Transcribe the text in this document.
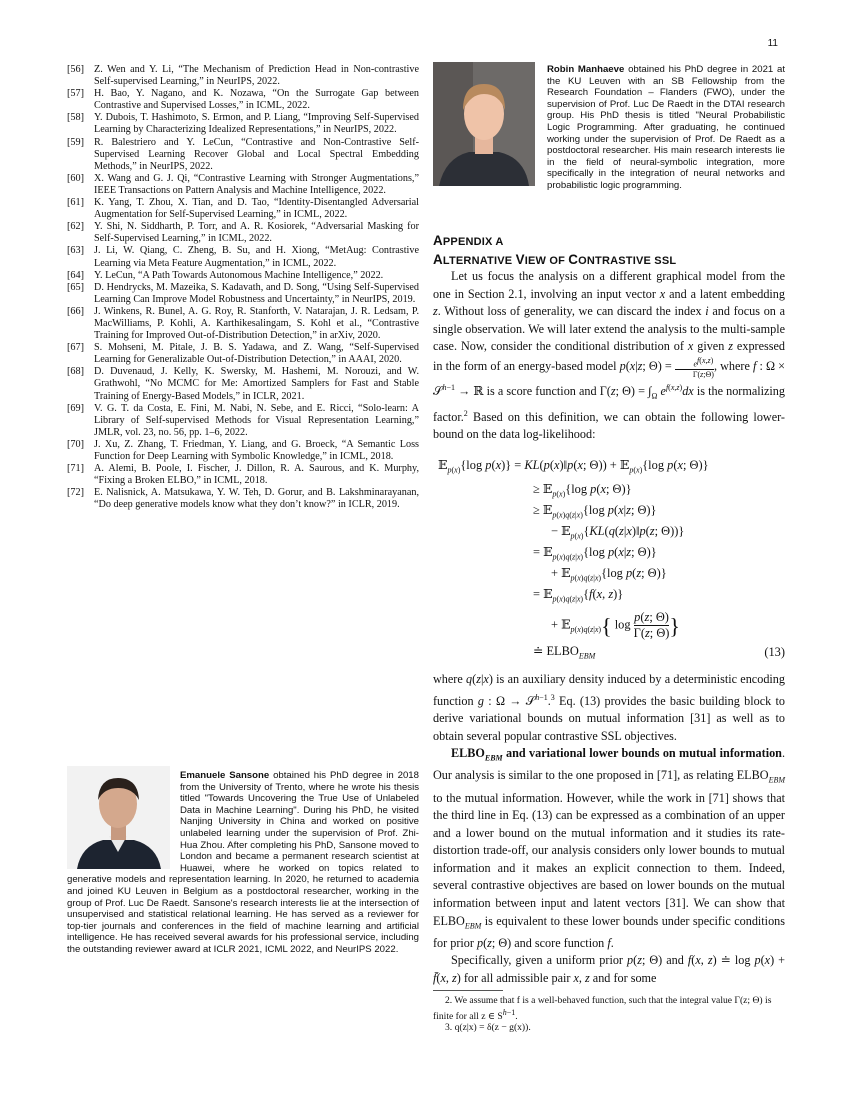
11
[56] Z. Wen and Y. Li, “The Mechanism of Prediction Head in Non-contrastive Self-supervised Learning,” in NeurIPS, 2022.
[57] H. Bao, Y. Nagano, and K. Nozawa, “On the Surrogate Gap between Contrastive and Supervised Losses,” in ICML, 2022.
[58] Y. Dubois, T. Hashimoto, S. Ermon, and P. Liang, “Improving Self-Supervised Learning by Characterizing Idealized Representations,” in NeurIPS, 2022.
[59] R. Balestriero and Y. LeCun, “Contrastive and Non-Contrastive Self-Supervised Learning Recover Global and Local Spectral Embedding Methods,” in NeurIPS, 2022.
[60] X. Wang and G. J. Qi, “Contrastive Learning with Stronger Augmentations,” IEEE Transactions on Pattern Analysis and Machine Intelligence, 2022.
[61] K. Yang, T. Zhou, X. Tian, and D. Tao, “Identity-Disentangled Adversarial Augmentation for Self-Supervised Learning,” in ICML, 2022.
[62] Y. Shi, N. Siddharth, P. Torr, and A. R. Kosiorek, “Adversarial Masking for Self-Supervised Learning,” in ICML, 2022.
[63] J. Li, W. Qiang, C. Zheng, B. Su, and H. Xiong, “MetAug: Contrastive Learning via Meta Feature Augmentation,” in ICML, 2022.
[64] Y. LeCun, “A Path Towards Autonomous Machine Intelligence,” 2022.
[65] D. Hendrycks, M. Mazeika, S. Kadavath, and D. Song, “Using Self-Supervised Learning Can Improve Model Robustness and Uncertainty,” in NeurIPS, 2019.
[66] J. Winkens, R. Bunel, A. G. Roy, R. Stanforth, V. Natarajan, J. R. Ledsam, P. MacWilliams, P. Kohli, A. Karthikesalingam, S. Kohl et al., “Contrastive Training for Improved Out-of-Distribution Detection,” in arXiv, 2020.
[67] S. Mohseni, M. Pitale, J. B. S. Yadawa, and Z. Wang, “Self-Supervised Learning for Generalizable Out-of-Distribution Detection,” in AAAI, 2020.
[68] D. Duvenaud, J. Kelly, K. Swersky, M. Hashemi, M. Norouzi, and W. Grathwohl, “No MCMC for Me: Amortized Samplers for Fast and Stable Training of Energy-Based Models,” in ICLR, 2021.
[69] V. G. T. da Costa, E. Fini, M. Nabi, N. Sebe, and E. Ricci, “Solo-learn: A Library of Self-supervised Methods for Visual Representation Learning,” JMLR, vol. 23, no. 56, pp. 1–6, 2022.
[70] J. Xu, Z. Zhang, T. Friedman, Y. Liang, and G. Broeck, “A Semantic Loss Function for Deep Learning with Symbolic Knowledge,” in ICML, 2018.
[71] A. Alemi, B. Poole, I. Fischer, J. Dillon, R. A. Saurous, and K. Murphy, “Fixing a Broken ELBO,” in ICML, 2018.
[72] E. Nalisnick, A. Matsukawa, Y. W. Teh, D. Gorur, and B. Lakshminarayanan, “Do deep generative models know what they don’t know?” in ICLR, 2019.
Emanuele Sansone obtained his PhD degree in 2018 from the University of Trento, where he wrote his thesis titled "Towards Uncovering the True Use of Unlabeled Data in Machine Learning". During his PhD, he visited Nanjing University in China and worked on positive unlabeled learning under the supervision of Prof. Zhi-Hua Zhou. After completing his PhD, Sansone moved to London and became a permanent research scientist at Huawei, where he worked on topics related to generative models and representation learning. In 2020, he returned to academia and joined KU Leuven in Belgium as a postdoctoral researcher, working in the group of Prof. Luc De Raedt. Sansone's research interests lie at the intersection of unsupervised and statistical relational learning. He has served as a reviewer for top-tier journals and conferences in the field of machine learning and artificial intelligence. He has received several awards for his professional service, including the outstanding reviewer award at ICLR 2021, ICML 2022, and NeurIPS 2022.
Robin Manhaeve obtained his PhD degree in 2021 at the KU Leuven with an SB Fellowship from the Research Foundation – Flanders (FWO), under the supervision of Prof. Luc De Raedt in the DTAI research group. His PhD thesis is titled "Neural Probabilistic Logic Programming. After graduating, he continued working under the supervision of Prof. De Raedt as a postdoctoral researcher. His main research interests lie in the field of neural-symbolic integration, more specifically in the integration of neural networks and probabilistic logic programming.
APPENDIX A
ALTERNATIVE VIEW OF CONTRASTIVE SSL

Let us focus the analysis on a different graphical model from the one in Section 2.1, involving an input vector x and a latent embedding z. Without loss of generality, we can discard the index i and focus on a single observation. We will later extend the analysis to the multi-sample case. Now, consider the conditional distribution of x given z expressed in the form of an energy-based model p(x|z; $\Theta) = \frac{e^{f(x,z)}}{\Gamma(z;\Theta)}$ , where f : Ω × 𝒮$^{h-1}$ → ℝ is a score function and Γ(z; $\Theta) = \int_\Omega$ $e^{f(x,z)}dx$ is the normalizing factor.$^2$ Based on this definition, we can obtain the following lower-bound on the data log-likelihood:

𝔼$_{p(x)}${log p(x)} = KL(p(x)‖p(x; Θ)) + 𝔼$_{p(x)}${log p(x; Θ)}
≥ 𝔼$_{p(x)}${log p(x; Θ)}
≥ 𝔼$_{p(x)q(z|x)}${log p(x|z; Θ)}
− 𝔼$_{p(x)}${KL(q(z|x)‖p(z; Θ))}
= 𝔼$_{p(x)q(z|x)}${log p(x|z; Θ)}
+ 𝔼$_{p(x)q(z|x)}${log p(z; Θ)}
= 𝔼$_{p(x)q(z|x)}${f(x, z)}
+ 𝔼$_{p(x)q(z|x)}${ $\log \frac{p(z; \Theta)}{\Gamma(z; \Theta)}$ }
≐ $ELBO_{EBM}$	(13)

where q(z|x) is an auxiliary density induced by a deterministic encoding function g : Ω → 𝒮$^{h-1}$.$^3$ Eq. (13) provides the basic building block to derive variational bounds on mutual information [31] as well as to obtain several popular contrastive SSL objectives.

$ELBO_{EBM}$ and variational lower bounds on mutual information. Our analysis is similar to the one proposed in [71], as relating $ELBO_{EBM}$ to the mutual information. However, while the work in [71] shows that the third line in Eq. (13) can be expressed as a combination of an upper and a lower bound on the mutual information and it studies its rate-distortion trade-off, our analysis considers only lower bounds to mutual information and it makes an explicit connection to them. Indeed, several contrastive objectives are based on lower bounds on the mutual information between input and latent vectors [31]. We can show that $ELBO_{EBM}$ is equivalent to these lower bounds under specific conditions for prior p(z; Θ) and score function f.

Specifically, given a uniform prior p(z; Θ) and f(x, z) ≐ log p(x) + f̄(x, z) for all admissible pair x, z and for some

2. We assume that f is a well-behaved function, such that the integral value Γ(z; Θ) is finite for all z ∈ $S^{h-1}$.
3. q(z|x) = δ(z − g(x)).
